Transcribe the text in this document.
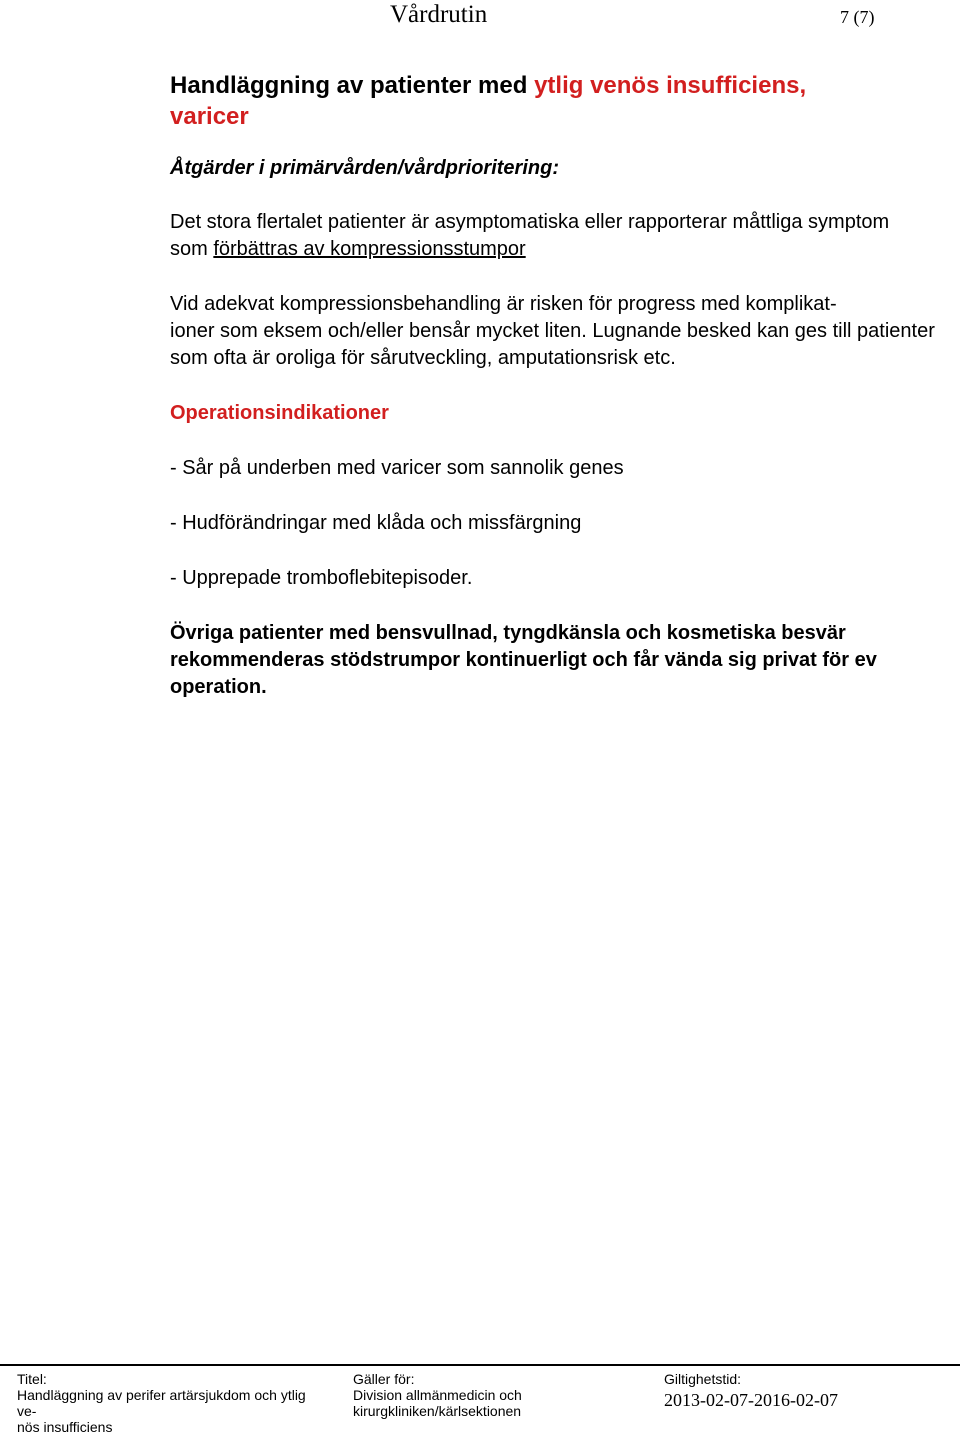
Vårdrutin	7 (7)
Handläggning av patienter med ytlig venös insufficiens,
varicer
Åtgärder i primärvården/vårdprioritering:

Det stora flertalet patienter är asymptomatiska eller rapporterar måttliga symptom som förbättras av kompressionsstumpor

Vid adekvat kompressionsbehandling är risken för progress med komplikat-
ioner som eksem och/eller bensår mycket liten. Lugnande besked kan ges till patienter som ofta är oroliga för sårutveckling, amputationsrisk etc.

Operationsindikationer

- Sår på underben med varicer som sannolik genes

- Hudförändringar med klåda och missfärgning

- Upprepade tromboflebitepisoder.

Övriga patienter med bensvullnad, tyngdkänsla och kosmetiska besvär rekommenderas stödstrumpor kontinuerligt och får vända sig privat för ev operation.

Titel:
Handläggning av perifer artärsjukdom och ytlig ve-
nös insufficiens
Gäller för:
Division allmänmedicin och
kirurgkliniken/kärlsektionen
Giltighetstid:
2013-02-07-2016-02-07
